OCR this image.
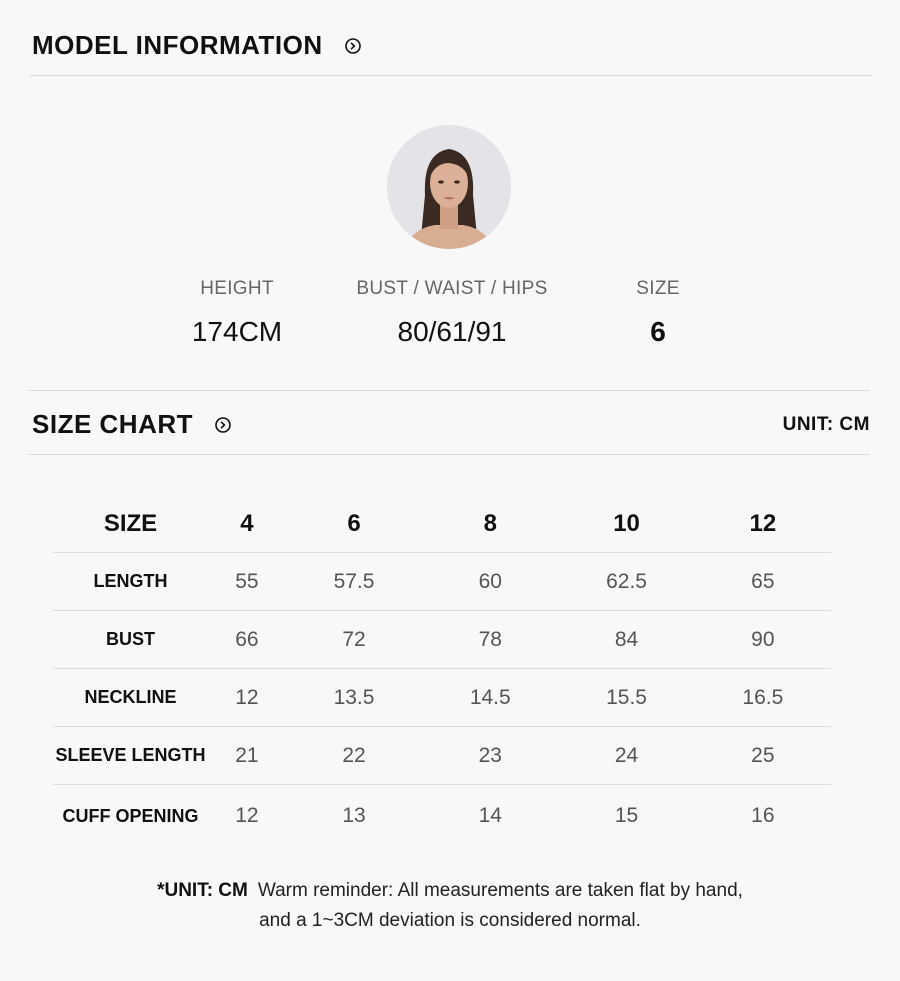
MODEL INFORMATION
HEIGHT
174CM
BUST / WAIST / HIPS
80/61/91
SIZE
6
SIZE CHART	UNIT: CM
SIZE	4	6	8	10	12
LENGTH	55	57.5	60	62.5	65
BUST	66	72	78	84	90
NECKLINE	12	13.5	14.5	15.5	16.5
SLEEVE LENGTH	21	22	23	24	25
CUFF OPENING	12	13	14	15	16
*UNIT: CM Warm reminder: All measurements are taken flat by hand,
and a 1~3CM deviation is considered normal.
